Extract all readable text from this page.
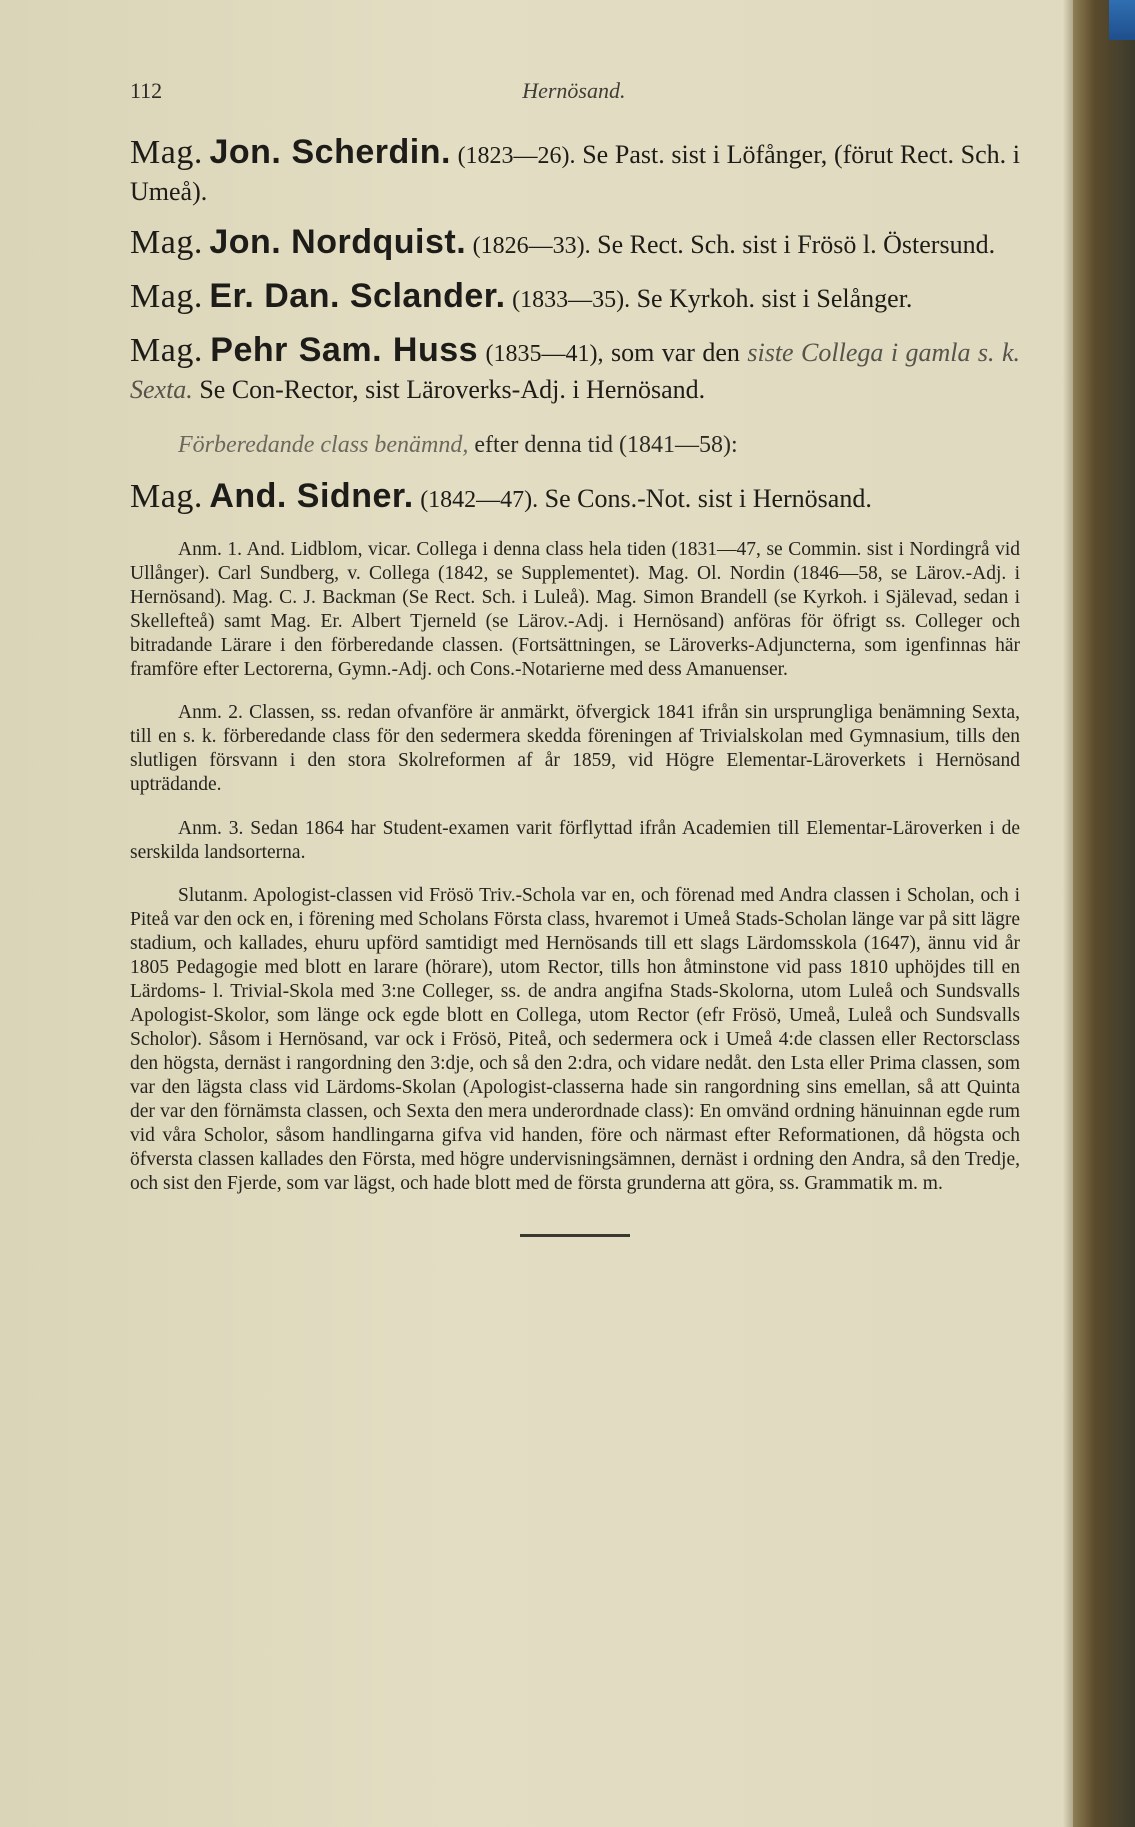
112	Hernösand.
Mag. Jon. Scherdin. (1823—26). Se Past. sist i Löfånger, (förut Rect. Sch. i Umeå).
Mag. Jon. Nordquist. (1826—33). Se Rect. Sch. sist i Frösö l. Östersund.
Mag. Er. Dan. Sclander. (1833—35). Se Kyrkoh. sist i Selånger.
Mag. Pehr Sam. Huss (1835—41), som var den siste Collega i gamla s. k. Sexta. Se Con-Rector, sist Läroverks-Adj. i Hernösand.
Förberedande class benämnd, efter denna tid (1841—58):
Mag. And. Sidner. (1842—47). Se Cons.-Not. sist i Hernösand.

Anm. 1. And. Lidblom, vicar. Collega i denna class hela tiden (1831—47, se Commin. sist i Nordingrå vid Ullånger). Carl Sundberg, v. Collega (1842, se Supplementet). Mag. Ol. Nordin (1846—58, se Lärov.-Adj. i Hernösand). Mag. C. J. Backman (Se Rect. Sch. i Luleå). Mag. Simon Brandell (se Kyrkoh. i Själevad, sedan i Skellefteå) samt Mag. Er. Albert Tjerneld (se Lärov.-Adj. i Hernösand) anföras för öfrigt ss. Colleger och bitradande Lärare i den förberedande classen. (Fortsättningen, se Läroverks-Adjuncterna, som igenfinnas här framföre efter Lectorerna, Gymn.-Adj. och Cons.-Notarierne med dess Amanuenser.

Anm. 2. Classen, ss. redan ofvanföre är anmärkt, öfvergick 1841 ifrån sin ursprungliga benämning Sexta, till en s. k. förberedande class för den sedermera skedda föreningen af Trivialskolan med Gymnasium, tills den slutligen försvann i den stora Skolreformen af år 1859, vid Högre Elementar-Läroverkets i Hernösand upträdande.

Anm. 3. Sedan 1864 har Student-examen varit förflyttad ifrån Academien till Elementar-Läroverken i de serskilda landsorterna.

Slutanm. Apologist-classen vid Frösö Triv.-Schola var en, och förenad med Andra classen i Scholan, och i Piteå var den ock en, i förening med Scholans Första class, hvaremot i Umeå Stads-Scholan länge var på sitt lägre stadium, och kallades, ehuru upförd samtidigt med Hernösands till ett slags Lärdomsskola (1647), ännu vid år 1805 Pedagogie med blott en larare (hörare), utom Rector, tills hon åtminstone vid pass 1810 uphöjdes till en Lärdoms- l. Trivial-Skola med 3:ne Colleger, ss. de andra angifna Stads-Skolorna, utom Luleå och Sundsvalls Apologist-Skolor, som länge ock egde blott en Collega, utom Rector (efr Frösö, Umeå, Luleå och Sundsvalls Scholor). Såsom i Hernösand, var ock i Frösö, Piteå, och sedermera ock i Umeå 4:de classen eller Rectorsclass den högsta, dernäst i rangordning den 3:dje, och så den 2:dra, och vidare nedåt. den Lsta eller Prima classen, som var den lägsta class vid Lärdoms-Skolan (Apologist-classerna hade sin rangordning sins emellan, så att Quinta der var den förnämsta classen, och Sexta den mera underordnade class): En omvänd ordning hänuinnan egde rum vid våra Scholor, såsom handlingarna gifva vid handen, före och närmast efter Reformationen, då högsta och öfversta classen kallades den Första, med högre undervisningsämnen, dernäst i ordning den Andra, så den Tredje, och sist den Fjerde, som var lägst, och hade blott med de första grunderna att göra, ss. Grammatik m. m.
